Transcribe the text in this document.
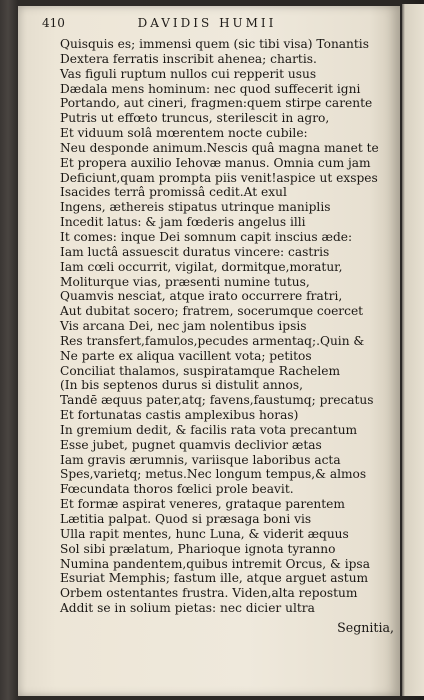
410	DAVIDIS HUMII
Quisquis es; immensi quem (sic tibi visa) Tonantis
Dextera ferratis inscribit ahenea; chartis.
Vas figuli ruptum nullos cui repperit usus
Dædala mens hominum: nec quod suffecerit igni
Portando, aut cineri, fragmen:quem stirpe carente
Putris ut effœto truncus, sterilescit in agro,
Et viduum solâ mœrentem nocte cubile:
Neu desponde animum.Nescis quâ magna manet te
Et propera auxilio Iehovæ manus. Omnia cum jam
Deficiunt,quam prompta piis venit!aspice ut exspes
Isacides terrâ promissâ cedit.At exul
Ingens, æthereis stipatus utrinque maniplis
Incedit latus: & jam fœderis angelus illi
It comes: inque Dei somnum capit inscius æde:
Iam luctâ assuescit duratus vincere: castris
Iam cœli occurrit, vigilat, dormitque,moratur,
Moliturque vias, præsenti numine tutus,
Quamvis nesciat, atque irato occurrere fratri,
Aut dubitat socero; fratrem, socerumque coercet
Vis arcana Dei, nec jam nolentibus ipsis
Res transfert,famulos,pecudes armentaq;.Quin &
Ne parte ex aliqua vacillent vota; petitos
Conciliat thalamos, suspiratamque Rachelem
(In bis septenos durus si distulit annos,
Tandē æquus pater,atq; favens,faustumq; precatus
Et fortunatas castis amplexibus horas)
In gremium dedit, & facilis rata vota precantum
Esse jubet, pugnet quamvis declivior ætas
Iam gravis ærumnis, variisque laboribus acta
Spes,varietq; metus.Nec longum tempus,& almos
Fœcundata thoros fœlici prole beavit.
Et formæ aspirat veneres, grataque parentem
Lætitia palpat. Quod si præsaga boni vis
Ulla rapit mentes, hunc Luna, & viderit æquus
Sol sibi prælatum, Pharioque ignota tyranno
Numina pandentem,quibus intremit Orcus, & ipsa
Esuriat Memphis; fastum ille, atque arguet astum
Orbem ostentantes frustra. Viden,alta repostum
Addit se in solium pietas: nec dicier ultra
Segnitia,
